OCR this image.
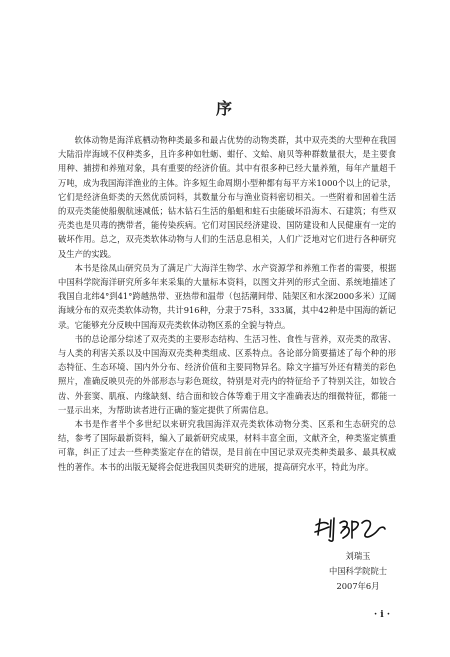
序

软体动物是海洋底栖动物种类最多和最占优势的动物类群，其中双壳类的大型种在我国大陆沿岸海域不仅种类多，且许多种如牡蛎、蚶仔、文蛤、扇贝等种群数量很大，是主要食用种、捕捞和养殖对象，具有重要的经济价值。其中有很多种已经大量养殖，每年产量超千万吨，成为我国海洋渔业的主体。许多短生命周期小型种都有每平方米1000个以上的记录，它们是经济鱼虾类的天然优质饲料，其数量分布与渔业资料密切相关。一些附着和固着生活的双壳类能使船舰航速减低；钻木钻石生活的船蛆和蛀石虫能破坏沿海木、石建筑；有些双壳类也是贝毒的携带者，能传染疾病。它们对国民经济建设、国防建设和人民健康有一定的破坏作用。总之，双壳类软体动物与人们的生活息息相关，人们广泛地对它们进行各种研究及生产的实践。

本书是徐凤山研究员为了满足广大海洋生物学、水产资源学和养殖工作者的需要，根据中国科学院海洋研究所多年来采集的大量标本资料，以图文并列的形式全面、系统地描述了我国自北纬4°到41°跨越热带、亚热带和温带（包括潮间带、陆架区和水深2000多米）辽阔海域分布的双壳类软体动物，共计916种，分隶于75科，333属，其中42种是中国海的新记录。它能够充分反映中国海双壳类软体动物区系的全貌与特点。

书的总论部分综述了双壳类的主要形态结构、生活习性、食性与营养，双壳类的敌害、与人类的利害关系以及中国海双壳类种类组成、区系特点。各论部分简要描述了每个种的形态特征、生态环境、国内外分布、经济价值和主要同物异名。除文字描写外还有精美的彩色照片，准确反映贝壳的外部形态与彩色斑纹，特别是对壳内的特征给予了特别关注，如铰合齿、外套窦、肌痕、内缘缺刻、结合面和铰合体等难于用文字准确表达的细微特征，都能一一显示出来，为帮助读者进行正确的鉴定提供了所需信息。

本书是作者半个多世纪以来研究我国海洋双壳类软体动物分类、区系和生态研究的总结，参考了国际最新资料，编入了最新研究成果，材料丰富全面，文献齐全，种类鉴定慎重可靠，纠正了过去一些种类鉴定存在的错误，是目前在中国记录双壳类种类最多、最具权威性的著作。本书的出版无疑将会促进我国贝类研究的进展，提高研究水平，特此为序。

刘瑞玉
中国科学院院士
2007年6月
· i ·
